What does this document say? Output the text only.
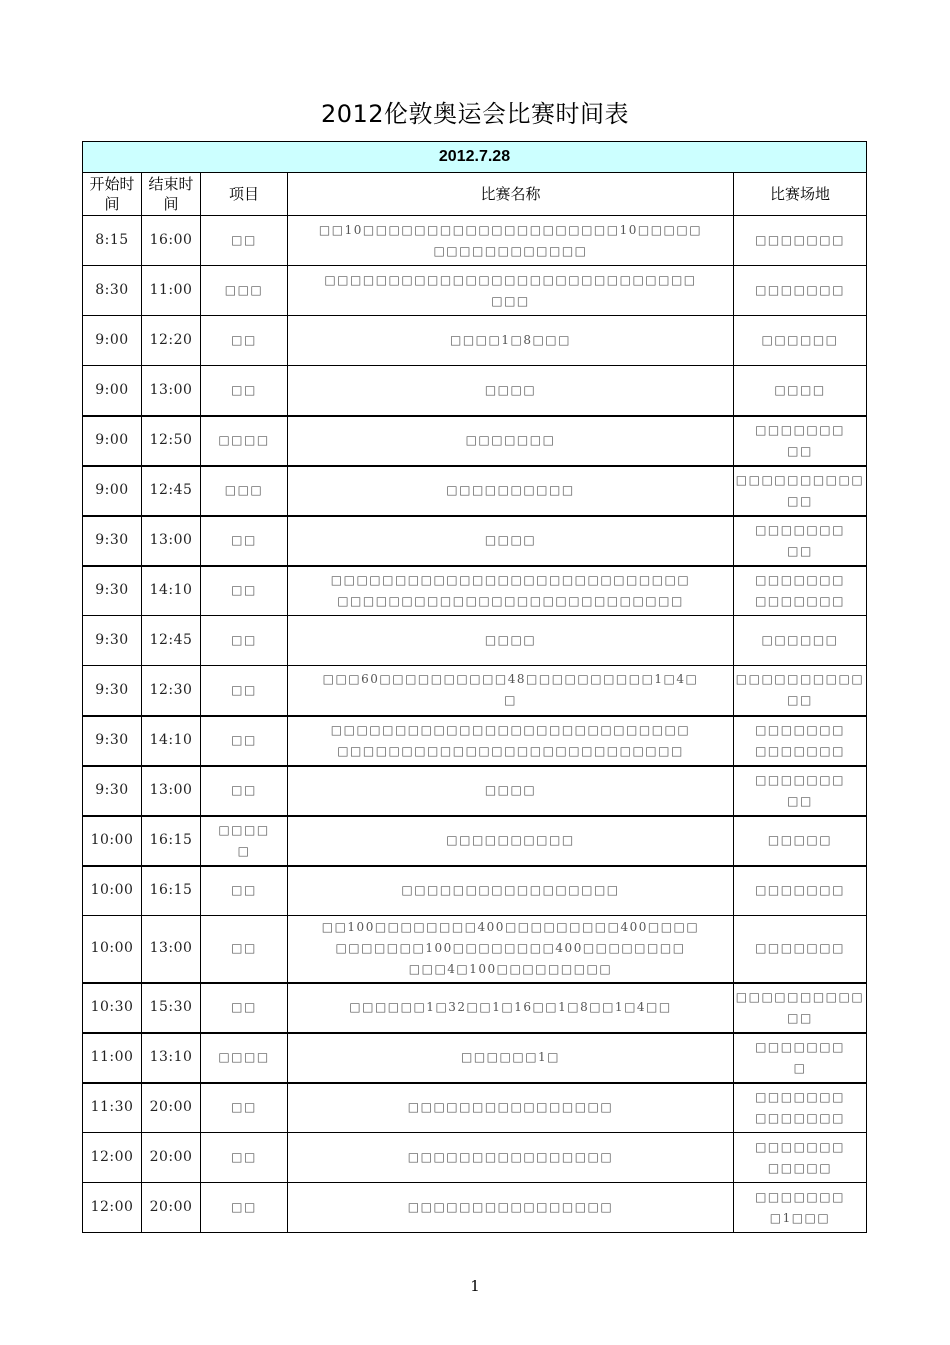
2012伦敦奥运会比赛时间表
2012.7.28				
开始时间	结束时间	项目	比赛名称	比赛场地
8:15	16:00	□□	□□10□□□□□□□□□□□□□□□□□□□□10□□□□□
□□□□□□□□□□□□	□□□□□□□
8:30	11:00	□□□	□□□□□□□□□□□□□□□□□□□□□□□□□□□□□
□□□	□□□□□□□
9:00	12:20	□□	□□□□1□8□□□	□□□□□□
9:00	13:00	□□	□□□□	□□□□
9:00	12:50	□□□□	□□□□□□□	□□□□□□□
□□
9:00	12:45	□□□	□□□□□□□□□□	□□□□□□□□□□
□□
9:30	13:00	□□	□□□□	□□□□□□□
□□
9:30	14:10	□□	□□□□□□□□□□□□□□□□□□□□□□□□□□□□
□□□□□□□□□□□□□□□□□□□□□□□□□□□	□□□□□□□
□□□□□□□
9:30	12:45	□□	□□□□	□□□□□□
9:30	12:30	□□	□□□60□□□□□□□□□□48□□□□□□□□□□1□4□
□	□□□□□□□□□□
□□
9:30	14:10	□□	□□□□□□□□□□□□□□□□□□□□□□□□□□□□
□□□□□□□□□□□□□□□□□□□□□□□□□□□	□□□□□□□
□□□□□□□
9:30	13:00	□□	□□□□	□□□□□□□
□□
10:00	16:15	□□□□
□	□□□□□□□□□□	□□□□□
10:00	16:15	□□	□□□□□□□□□□□□□□□□□	□□□□□□□
10:00	13:00	□□	□□100□□□□□□□□400□□□□□□□□□400□□□□
□□□□□□□100□□□□□□□□400□□□□□□□□
□□□4□100□□□□□□□□□	□□□□□□□
10:30	15:30	□□	□□□□□□1□32□□1□16□□1□8□□1□4□□	□□□□□□□□□□
□□
11:00	13:10	□□□□	□□□□□□1□	□□□□□□□
□
11:30	20:00	□□	□□□□□□□□□□□□□□□□	□□□□□□□
□□□□□□□
12:00	20:00	□□	□□□□□□□□□□□□□□□□	□□□□□□□
□□□□□
12:00	20:00	□□	□□□□□□□□□□□□□□□□	□□□□□□□
□1□□□
1
